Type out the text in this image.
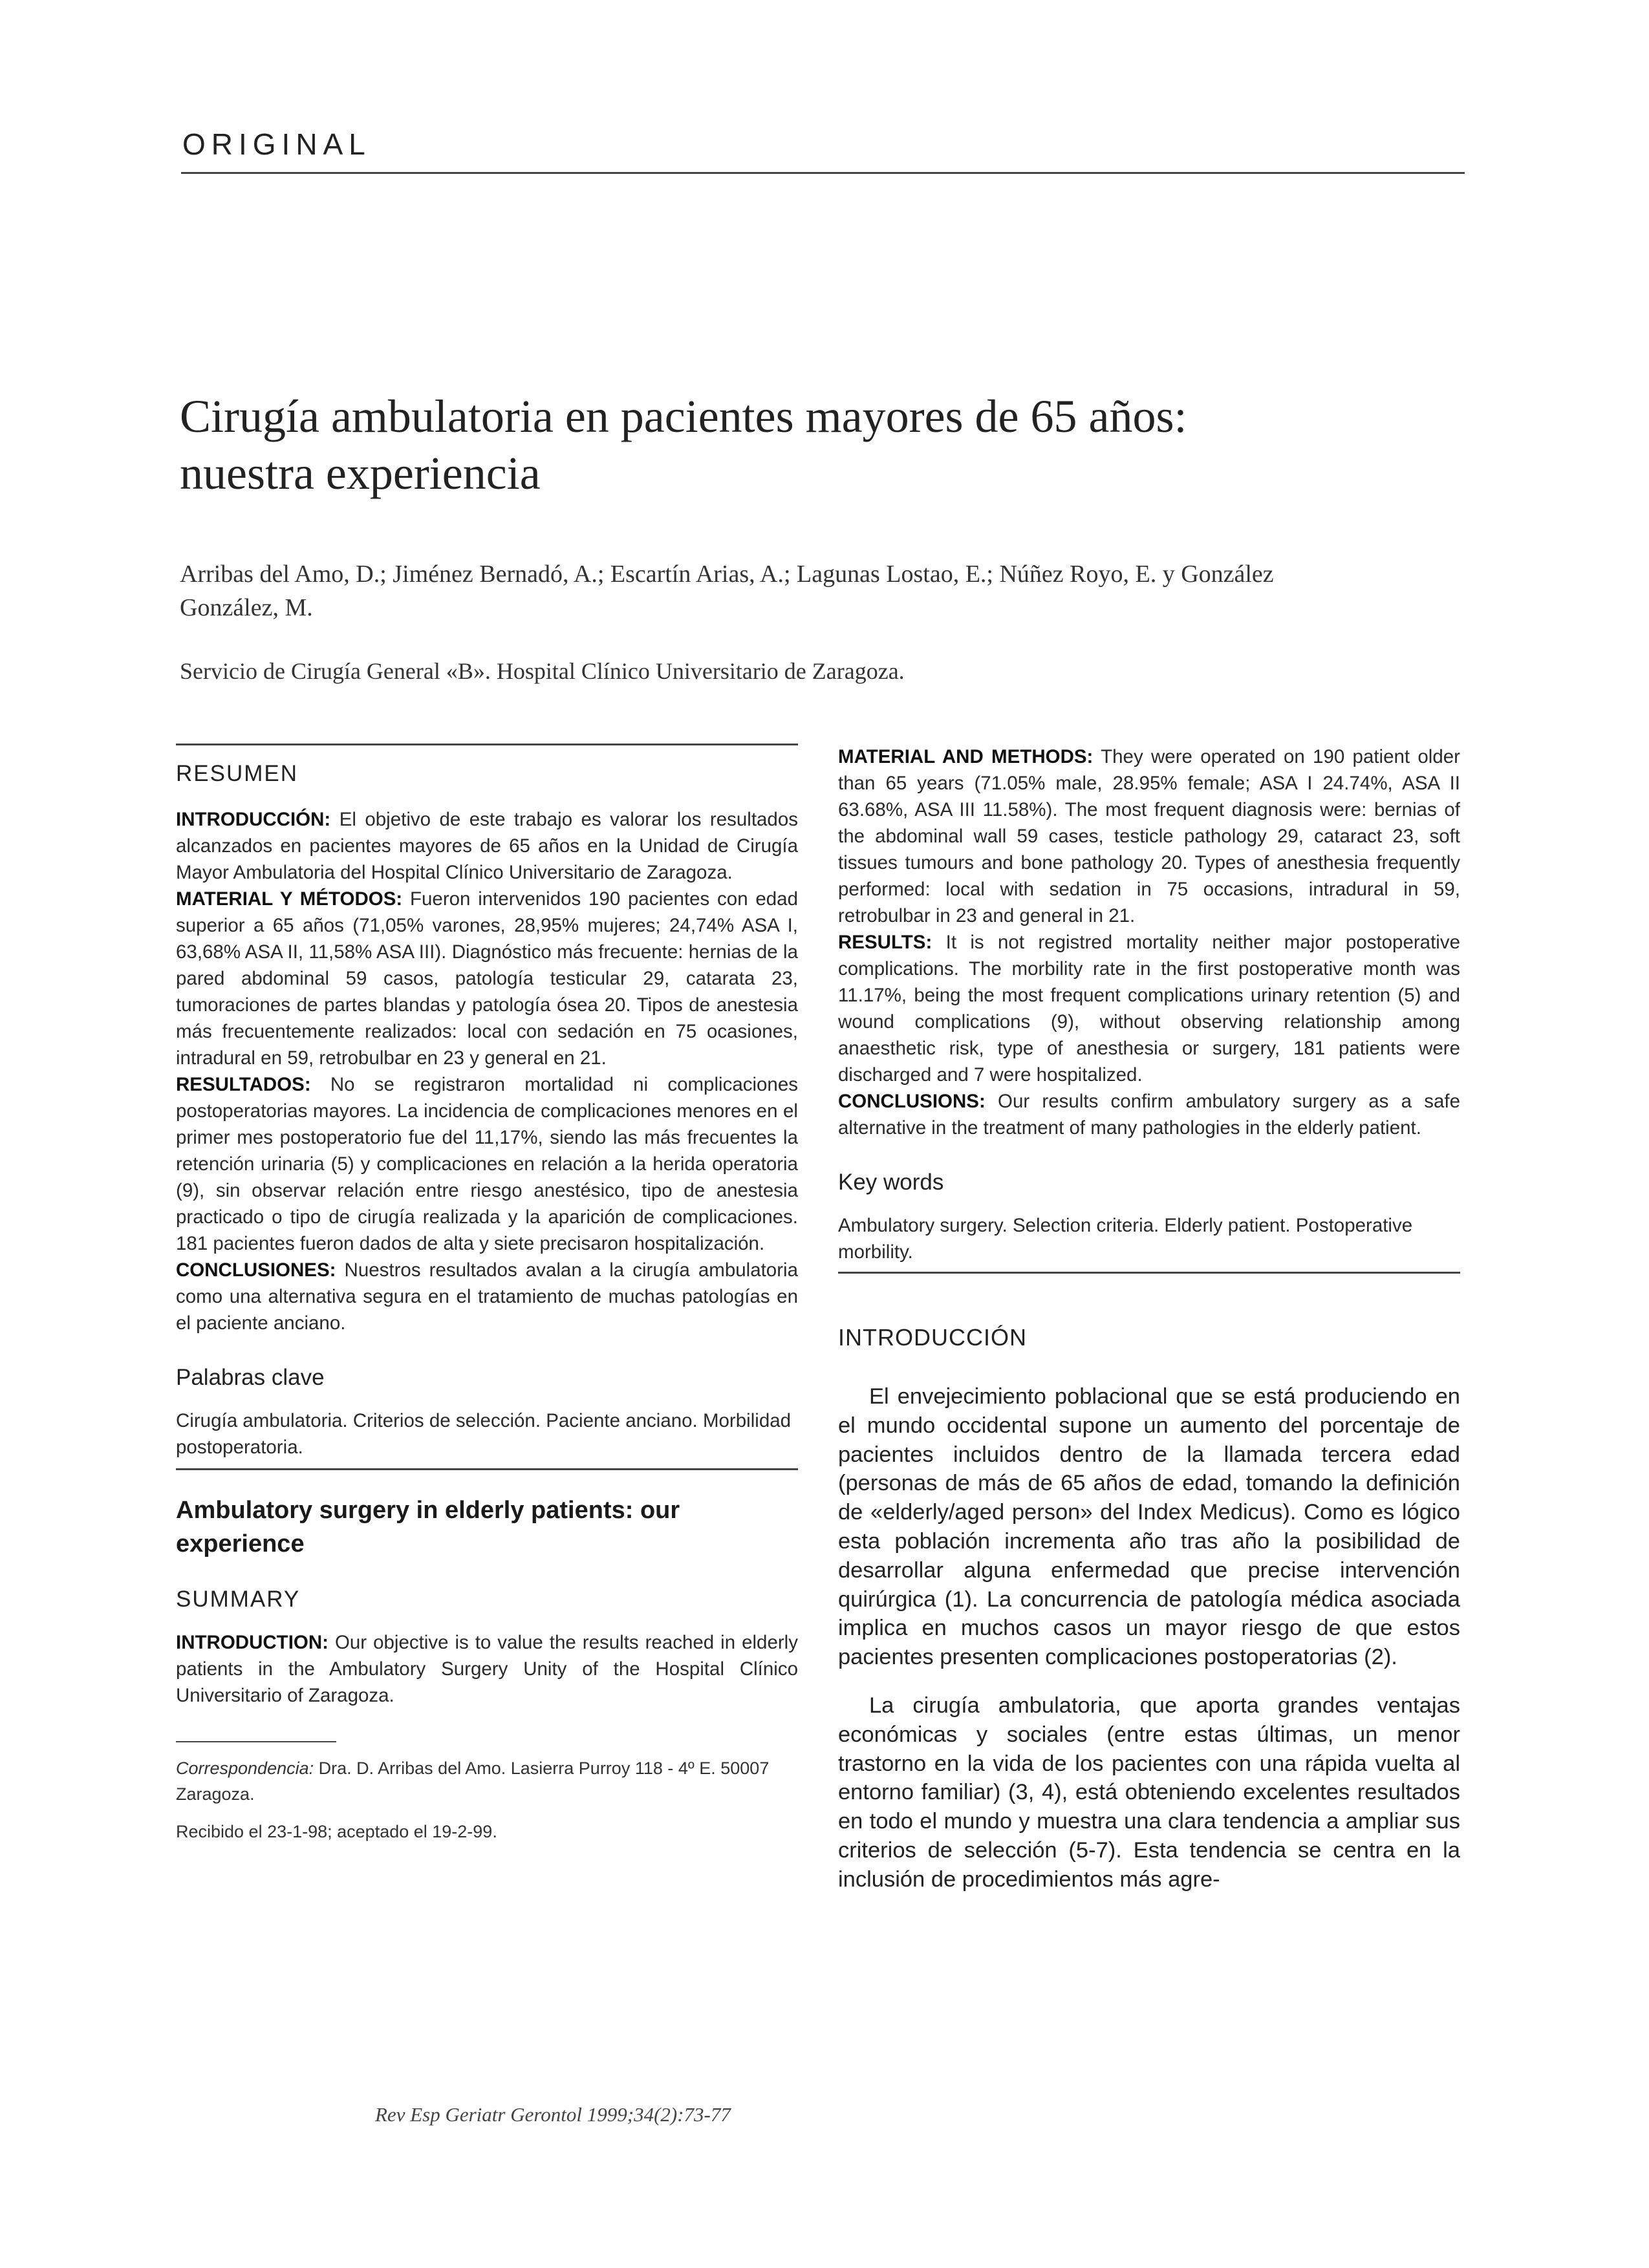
ORIGINAL
Cirugía ambulatoria en pacientes mayores de 65 años:
nuestra experiencia
Arribas del Amo, D.; Jiménez Bernadó, A.; Escartín Arias, A.; Lagunas Lostao, E.; Núñez Royo, E. y González
González, M.
Servicio de Cirugía General «B». Hospital Clínico Universitario de Zaragoza.
RESUMEN

INTRODUCCIÓN: El objetivo de este trabajo es valorar los resultados alcanzados en pacientes mayores de 65 años en la Unidad de Cirugía Mayor Ambulatoria del Hospital Clínico Universitario de Zaragoza.

MATERIAL Y MÉTODOS: Fueron intervenidos 190 pacientes con edad superior a 65 años (71,05% varones, 28,95% mujeres; 24,74% ASA I, 63,68% ASA II, 11,58% ASA III). Diagnóstico más frecuente: hernias de la pared abdominal 59 casos, patología testicular 29, catarata 23, tumoraciones de partes blandas y patología ósea 20. Tipos de anestesia más frecuentemente realizados: local con sedación en 75 ocasiones, intradural en 59, retrobulbar en 23 y general en 21.

RESULTADOS: No se registraron mortalidad ni complicaciones postoperatorias mayores. La incidencia de complicaciones menores en el primer mes postoperatorio fue del 11,17%, siendo las más frecuentes la retención urinaria (5) y complicaciones en relación a la herida operatoria (9), sin observar relación entre riesgo anestésico, tipo de anestesia practicado o tipo de cirugía realizada y la aparición de complicaciones. 181 pacientes fueron dados de alta y siete precisaron hospitalización.

CONCLUSIONES: Nuestros resultados avalan a la cirugía ambulatoria como una alternativa segura en el tratamiento de muchas patologías en el paciente anciano.

Palabras clave

Cirugía ambulatoria. Criterios de selección. Paciente anciano. Morbilidad postoperatoria.

Ambulatory surgery in elderly patients: our
experience
SUMMARY

INTRODUCTION: Our objective is to value the results reached in elderly patients in the Ambulatory Surgery Unity of the Hospital Clínico Universitario of Zaragoza.

Correspondencia: Dra. D. Arribas del Amo. Lasierra Purroy 118 - 4º E. 50007 Zaragoza.

Recibido el 23-1-98; aceptado el 19-2-99.

MATERIAL AND METHODS: They were operated on 190 patient older than 65 years (71.05% male, 28.95% female; ASA I 24.74%, ASA II 63.68%, ASA III 11.58%). The most frequent diagnosis were: bernias of the abdominal wall 59 cases, testicle pathology 29, cataract 23, soft tissues tumours and bone pathology 20. Types of anesthesia frequently performed: local with sedation in 75 occasions, intradural in 59, retrobulbar in 23 and general in 21.

RESULTS: It is not registred mortality neither major postoperative complications. The morbility rate in the first postoperative month was 11.17%, being the most frequent complications urinary retention (5) and wound complications (9), without observing relationship among anaesthetic risk, type of anesthesia or surgery, 181 patients were discharged and 7 were hospitalized.

CONCLUSIONS: Our results confirm ambulatory surgery as a safe alternative in the treatment of many pathologies in the elderly patient.

Key words

Ambulatory surgery. Selection criteria. Elderly patient. Postoperative morbility.

INTRODUCCIÓN

El envejecimiento poblacional que se está produciendo en el mundo occidental supone un aumento del porcentaje de pacientes incluidos dentro de la llamada tercera edad (personas de más de 65 años de edad, tomando la definición de «elderly/aged person» del Index Medicus). Como es lógico esta población incrementa año tras año la posibilidad de desarrollar alguna enfermedad que precise intervención quirúrgica (1). La concurrencia de patología médica asociada implica en muchos casos un mayor riesgo de que estos pacientes presenten complicaciones postoperatorias (2).

La cirugía ambulatoria, que aporta grandes ventajas económicas y sociales (entre estas últimas, un menor trastorno en la vida de los pacientes con una rápida vuelta al entorno familiar) (3, 4), está obteniendo excelentes resultados en todo el mundo y muestra una clara tendencia a ampliar sus criterios de selección (5-7). Esta tendencia se centra en la inclusión de procedimientos más agre-

Rev Esp Geriatr Gerontol 1999;34(2):73-77
